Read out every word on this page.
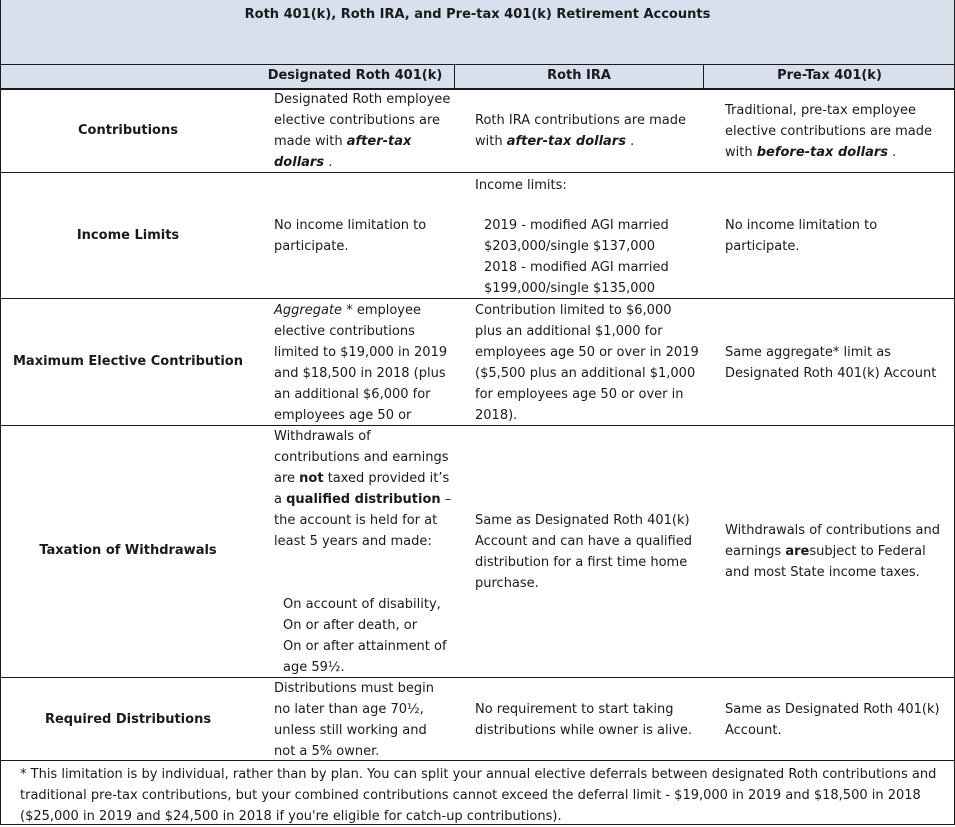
Roth 401(k), Roth IRA, and Pre-tax 401(k) Retirement Accounts
Designated Roth 401(k)	Roth IRA	Pre-Tax 401(k)
Contributions
Designated Roth employee elective contributions are made with after-tax dollars .
Roth IRA contributions are made with after-tax dollars .
Traditional, pre-tax employee elective contributions are made with before-tax dollars .
Income Limits
No income limitation to participate.
Income limits:
2019 - modified AGI married $203,000/single $137,000
2018 - modified AGI married $199,000/single $135,000
No income limitation to participate.
Maximum Elective Contribution
Aggregate * employee elective contributions limited to $19,000 in 2019 and $18,500 in 2018 (plus an additional $6,000 for employees age 50 or
Contribution limited to $6,000 plus an additional $1,000 for employees age 50 or over in 2019 ($5,500 plus an additional $1,000 for employees age 50 or over in 2018).
Same aggregate* limit as Designated Roth 401(k) Account
Taxation of Withdrawals
Withdrawals of contributions and earnings are not taxed provided it’s a qualified distribution – the account is held for at least 5 years and made:
On account of disability,
On or after death, or
On or after attainment of age 59½.
Same as Designated Roth 401(k) Account and can have a qualified distribution for a first time home purchase.
Withdrawals of contributions and earnings aresubject to Federal and most State income taxes.
Required Distributions
Distributions must begin no later than age 70½, unless still working and not a 5% owner.
No requirement to start taking distributions while owner is alive.
Same as Designated Roth 401(k) Account.
* This limitation is by individual, rather than by plan. You can split your annual elective deferrals between designated Roth contributions and traditional pre-tax contributions, but your combined contributions cannot exceed the deferral limit - $19,000 in 2019 and $18,500 in 2018 ($25,000 in 2019 and $24,500 in 2018 if you're eligible for catch-up contributions).
